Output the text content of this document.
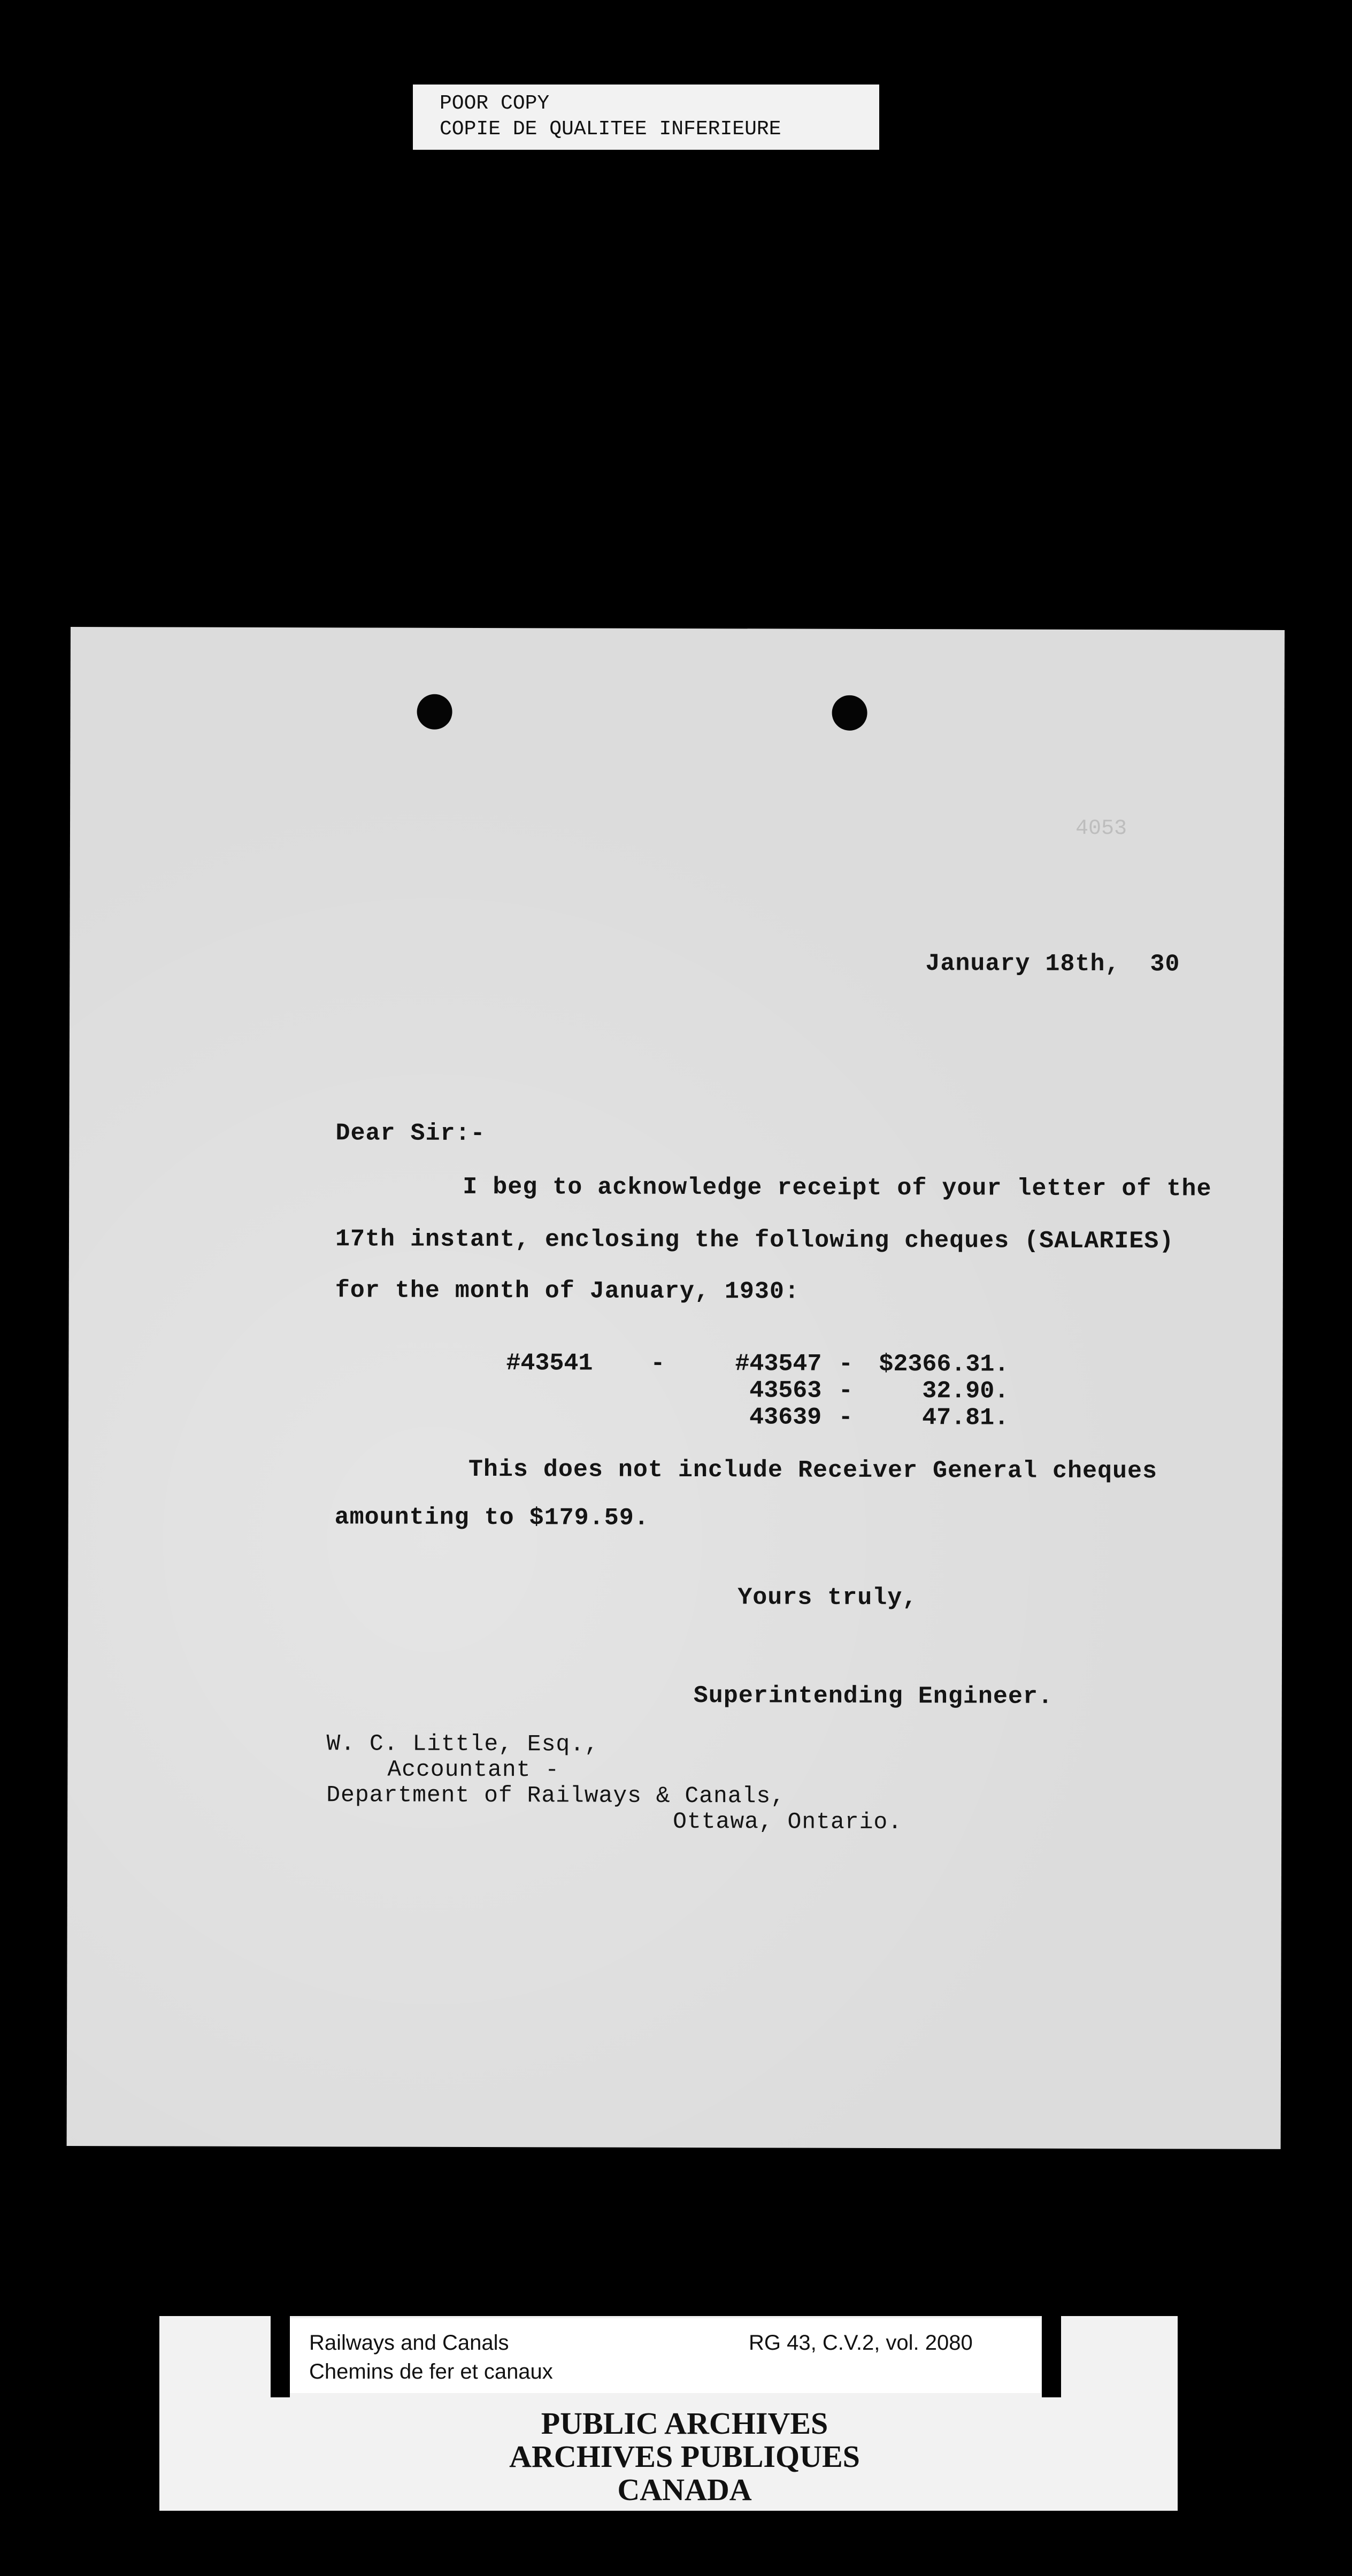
POOR COPY
COPIE DE QUALITEE INFERIEURE
4053
January 18th,  30
Dear Sir:-
I beg to acknowledge receipt of your letter of the
17th instant, enclosing the following cheques (SALARIES)
for the month of January, 1930:
#43541	-	#43547 -	$2366.31.
43563 -	32.90.
43639 -	47.81.
This does not include Receiver General cheques
amounting to $179.59.
Yours truly,
Superintending Engineer.
W. C. Little, Esq.,
Accountant -
Department of Railways & Canals,
Ottawa, Ontario.
Railways and Canals
Chemins de fer et canaux
RG 43, C.V.2, vol. 2080
PUBLIC ARCHIVES
ARCHIVES PUBLIQUES
CANADA
